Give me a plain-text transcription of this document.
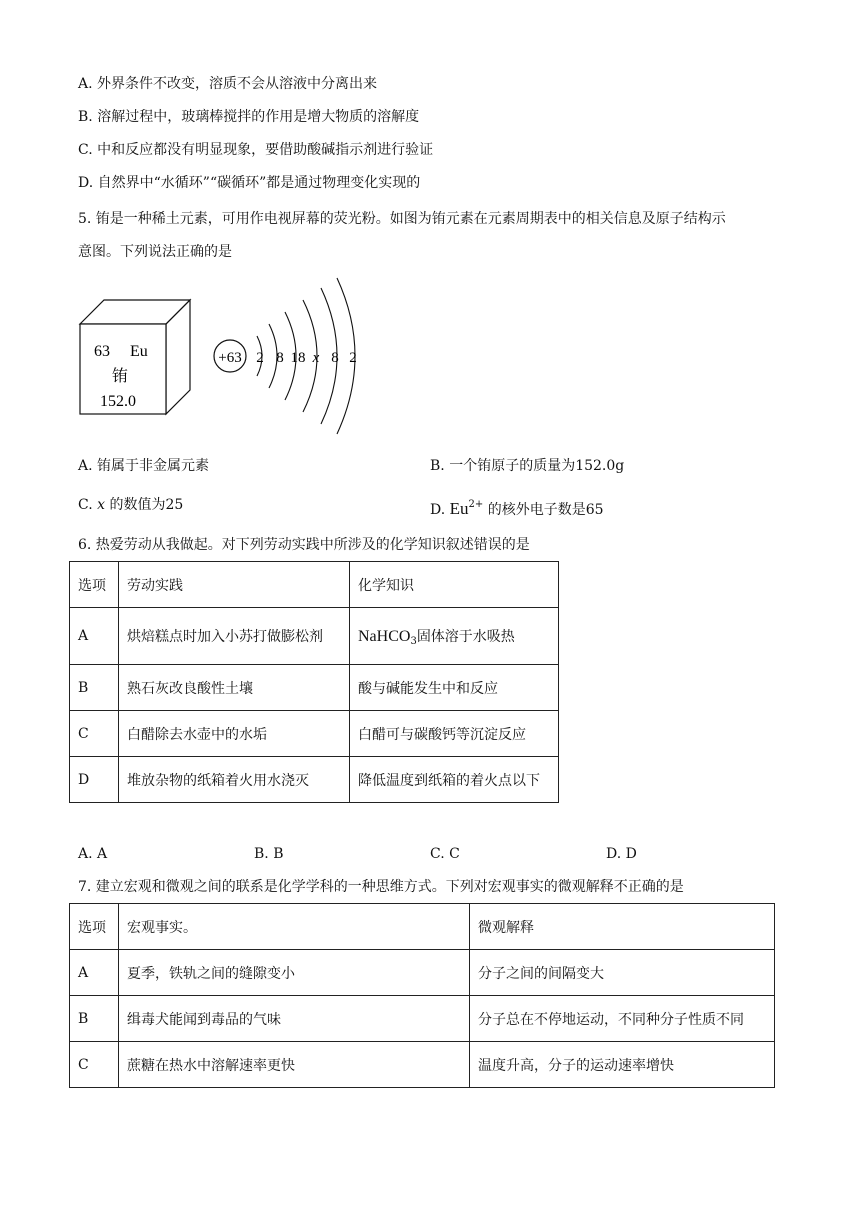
A. 外界条件不改变，溶质不会从溶液中分离出来
B. 溶解过程中，玻璃棒搅拌的作用是增大物质的溶解度
C. 中和反应都没有明显现象，要借助酸碱指示剂进行验证
D. 自然界中“水循环”“碳循环”都是通过物理变化实现的
5. 铕是一种稀土元素，可用作电视屏幕的荧光粉。如图为铕元素在元素周期表中的相关信息及原子结构示
意图。下列说法正确的是
63 Eu
铕
152.0
+63 2 8 18 x 8 2
A. 铕属于非金属元素	B. 一个铕原子的质量为152.0g
C. x 的数值为25	D. $Eu^{2+}$ 的核外电子数是65
6. 热爱劳动从我做起。对下列劳动实践中所涉及的化学知识叙述错误的是
选项	劳动实践	化学知识
A	烘焙糕点时加入小苏打做膨松剂	NaHCO$_3$固体溶于水吸热
B	熟石灰改良酸性土壤	酸与碱能发生中和反应
C	白醋除去水壶中的水垢	白醋可与碳酸钙等沉淀反应
D	堆放杂物的纸箱着火用水浇灭	降低温度到纸箱的着火点以下
A. A	B. B	C. C	D. D
7. 建立宏观和微观之间的联系是化学学科的一种思维方式。下列对宏观事实的微观解释不正确的是
选项	宏观事实。	微观解释
A	夏季，铁轨之间的缝隙变小	分子之间的间隔变大
B	缉毒犬能闻到毒品的气味	分子总在不停地运动，不同种分子性质不同
C	蔗糖在热水中溶解速率更快	温度升高，分子的运动速率增快
